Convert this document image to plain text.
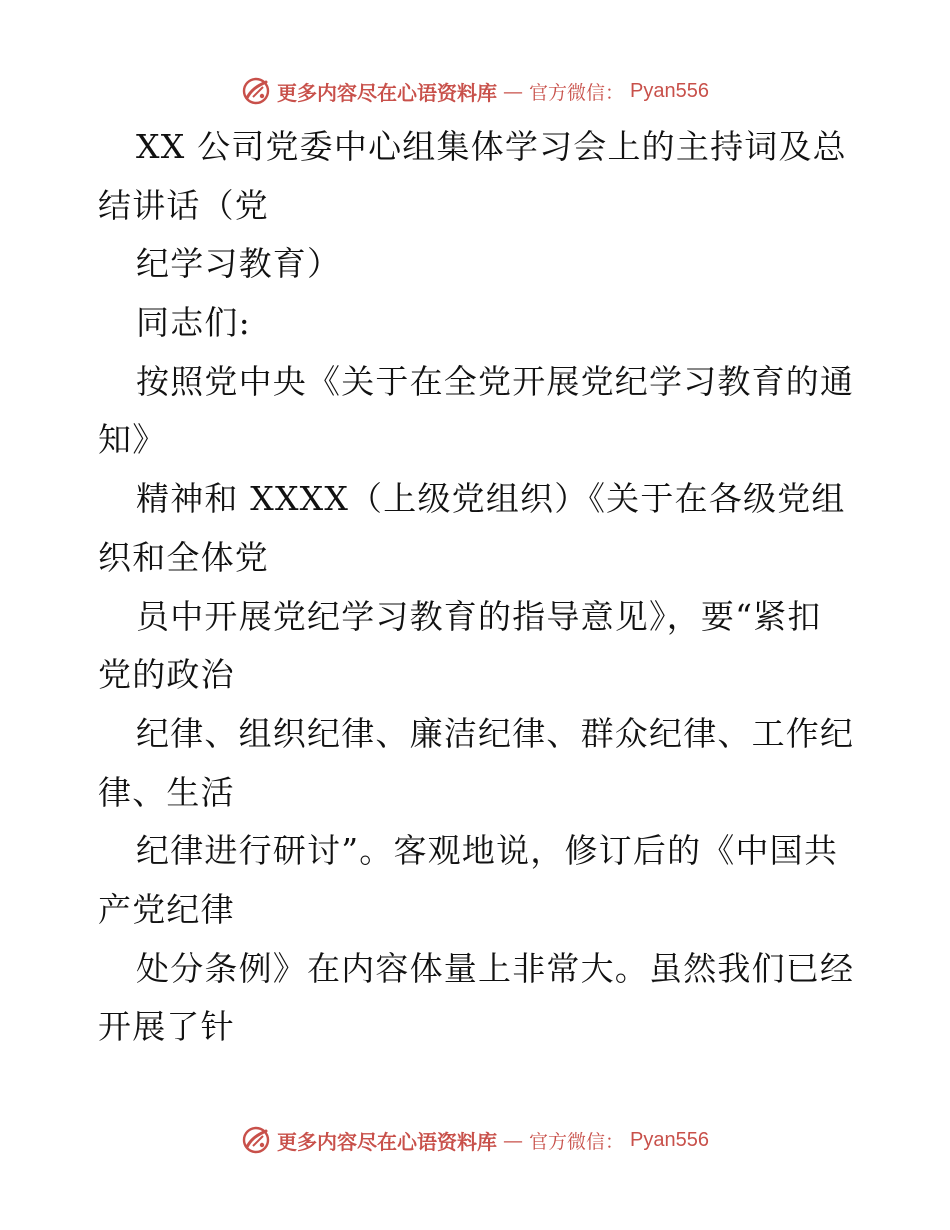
更多内容尽在心语资料库 — 官方微信： Pyan556
XX 公司党委中心组集体学习会上的主持词及总
结讲话（党
纪学习教育）
同志们:
按照党中央《关于在全党开展党纪学习教育的通
知》
精神和 XXXX（上级党组织）《关于在各级党组
织和全体党
员中开展党纪学习教育的指导意见》，要“紧扣
党的政治
纪律、组织纪律、廉洁纪律、群众纪律、工作纪
律、生活
纪律进行研讨”。客观地说，修订后的《中国共
产党纪律
处分条例》在内容体量上非常大。虽然我们已经
开展了针
更多内容尽在心语资料库 — 官方微信： Pyan556
